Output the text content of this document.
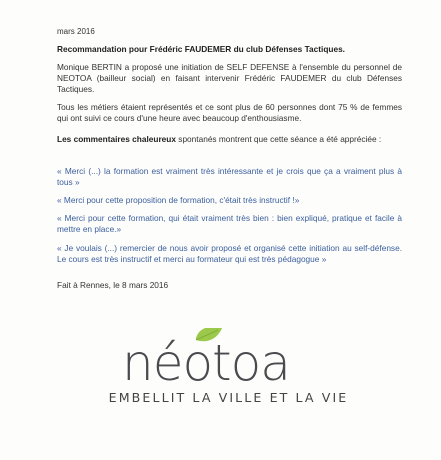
mars 2016
Recommandation pour Frédéric FAUDEMER du club Défenses Tactiques.
Monique BERTIN a proposé une initiation de SELF DEFENSE à l'ensemble du personnel de NEOTOA (bailleur social) en faisant intervenir Frédéric FAUDEMER du club Défenses Tactiques.
Tous les métiers étaient représentés et ce sont plus de 60 personnes dont 75 % de femmes qui ont suivi ce cours d'une heure avec beaucoup d'enthousiasme.
Les commentaires chaleureux spontanés montrent que cette séance a été appréciée :
« Merci (...) la formation est vraiment très intéressante et je crois que ça a vraiment plus à tous »
« Merci pour cette proposition de formation, c'était très instructif !»
« Merci pour cette formation, qui était vraiment très bien : bien expliqué, pratique et facile à mettre en place.»
« Je voulais (...) remercier de nous avoir proposé et organisé cette initiation au self-défense. Le cours est très instructif et merci au formateur qui est très pédagogue »
Fait à Rennes, le 8 mars 2016
néotoa
EMBELLIT LA VILLE ET LA VIE
